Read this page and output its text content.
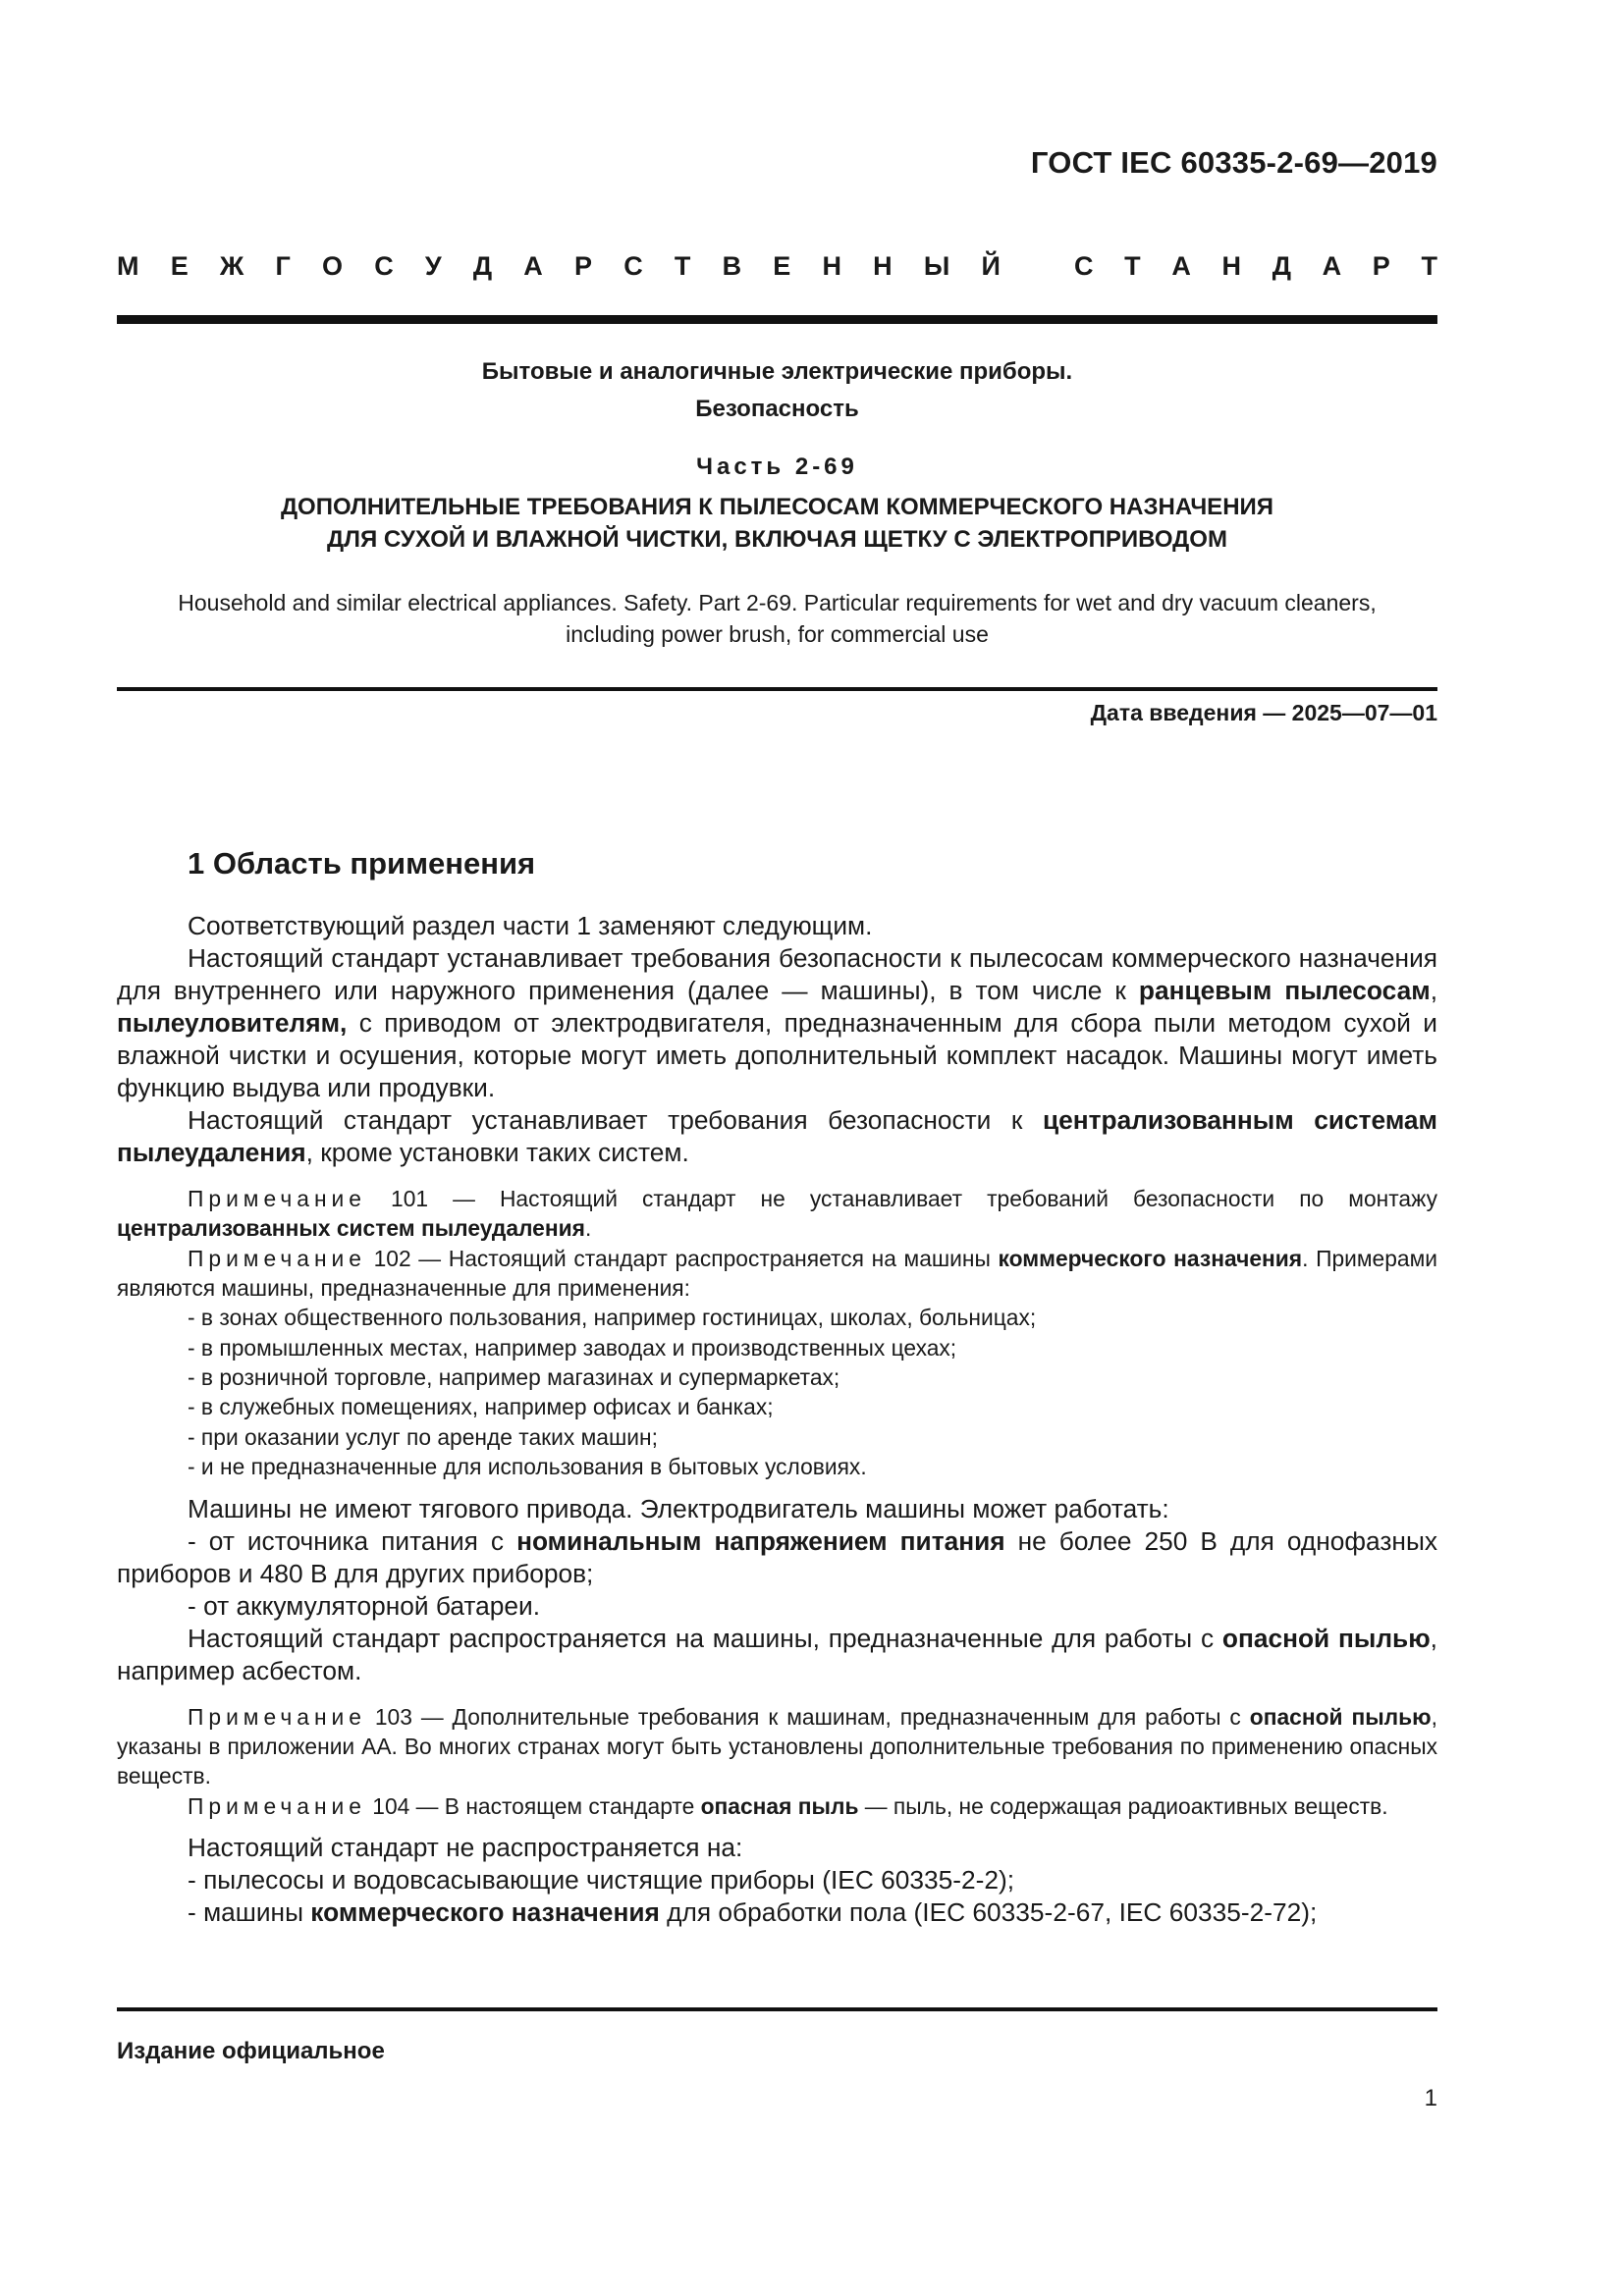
ГОСТ IEC 60335-2-69—2019
М Е Ж Г О С У Д А Р С Т В Е Н Н Ы Й	С Т А Н Д А Р Т
Бытовые и аналогичные электрические приборы.
Безопасность
Часть 2-69
ДОПОЛНИТЕЛЬНЫЕ ТРЕБОВАНИЯ К ПЫЛЕСОСАМ КОММЕРЧЕСКОГО НАЗНАЧЕНИЯ
ДЛЯ СУХОЙ И ВЛАЖНОЙ ЧИСТКИ, ВКЛЮЧАЯ ЩЕТКУ С ЭЛЕКТРОПРИВОДОМ
Household and similar electrical appliances. Safety. Part 2-69. Particular requirements for wet and dry vacuum cleaners,
including power brush, for commercial use
Дата введения — 2025—07—01
1 Область применения

Соответствующий раздел части 1 заменяют следующим.

Настоящий стандарт устанавливает требования безопасности к пылесосам коммерческого назначения для внутреннего или наружного применения (далее — машины), в том числе к ранцевым пылесосам, пылеуловителям, с приводом от электродвигателя, предназначенным для сбора пыли методом сухой и влажной чистки и осушения, которые могут иметь дополнительный комплект насадок. Машины могут иметь функцию выдува или продувки.

Настоящий стандарт устанавливает требования безопасности к централизованным системам пылеудаления, кроме установки таких систем.

Примечание 101 — Настоящий стандарт не устанавливает требований безопасности по монтажу централизованных систем пылеудаления.

Примечание 102 — Настоящий стандарт распространяется на машины коммерческого назначения. Примерами являются машины, предназначенные для применения:

- в зонах общественного пользования, например гостиницах, школах, больницах;

- в промышленных местах, например заводах и производственных цехах;

- в розничной торговле, например магазинах и супермаркетах;

- в служебных помещениях, например офисах и банках;

- при оказании услуг по аренде таких машин;

- и не предназначенные для использования в бытовых условиях.

Машины не имеют тягового привода. Электродвигатель машины может работать:

- от источника питания с номинальным напряжением питания не более 250 В для однофазных приборов и 480 В для других приборов;

- от аккумуляторной батареи.

Настоящий стандарт распространяется на машины, предназначенные для работы с опасной пылью, например асбестом.

Примечание 103 — Дополнительные требования к машинам, предназначенным для работы с опасной пылью, указаны в приложении АА. Во многих странах могут быть установлены дополнительные требования по применению опасных веществ.

Примечание 104 — В настоящем стандарте опасная пыль — пыль, не содержащая радиоактивных веществ.

Настоящий стандарт не распространяется на:

- пылесосы и водовсасывающие чистящие приборы (IEC 60335-2-2);

- машины коммерческого назначения для обработки пола (IEC 60335-2-67, IEC 60335-2-72);

Издание официальное
1
